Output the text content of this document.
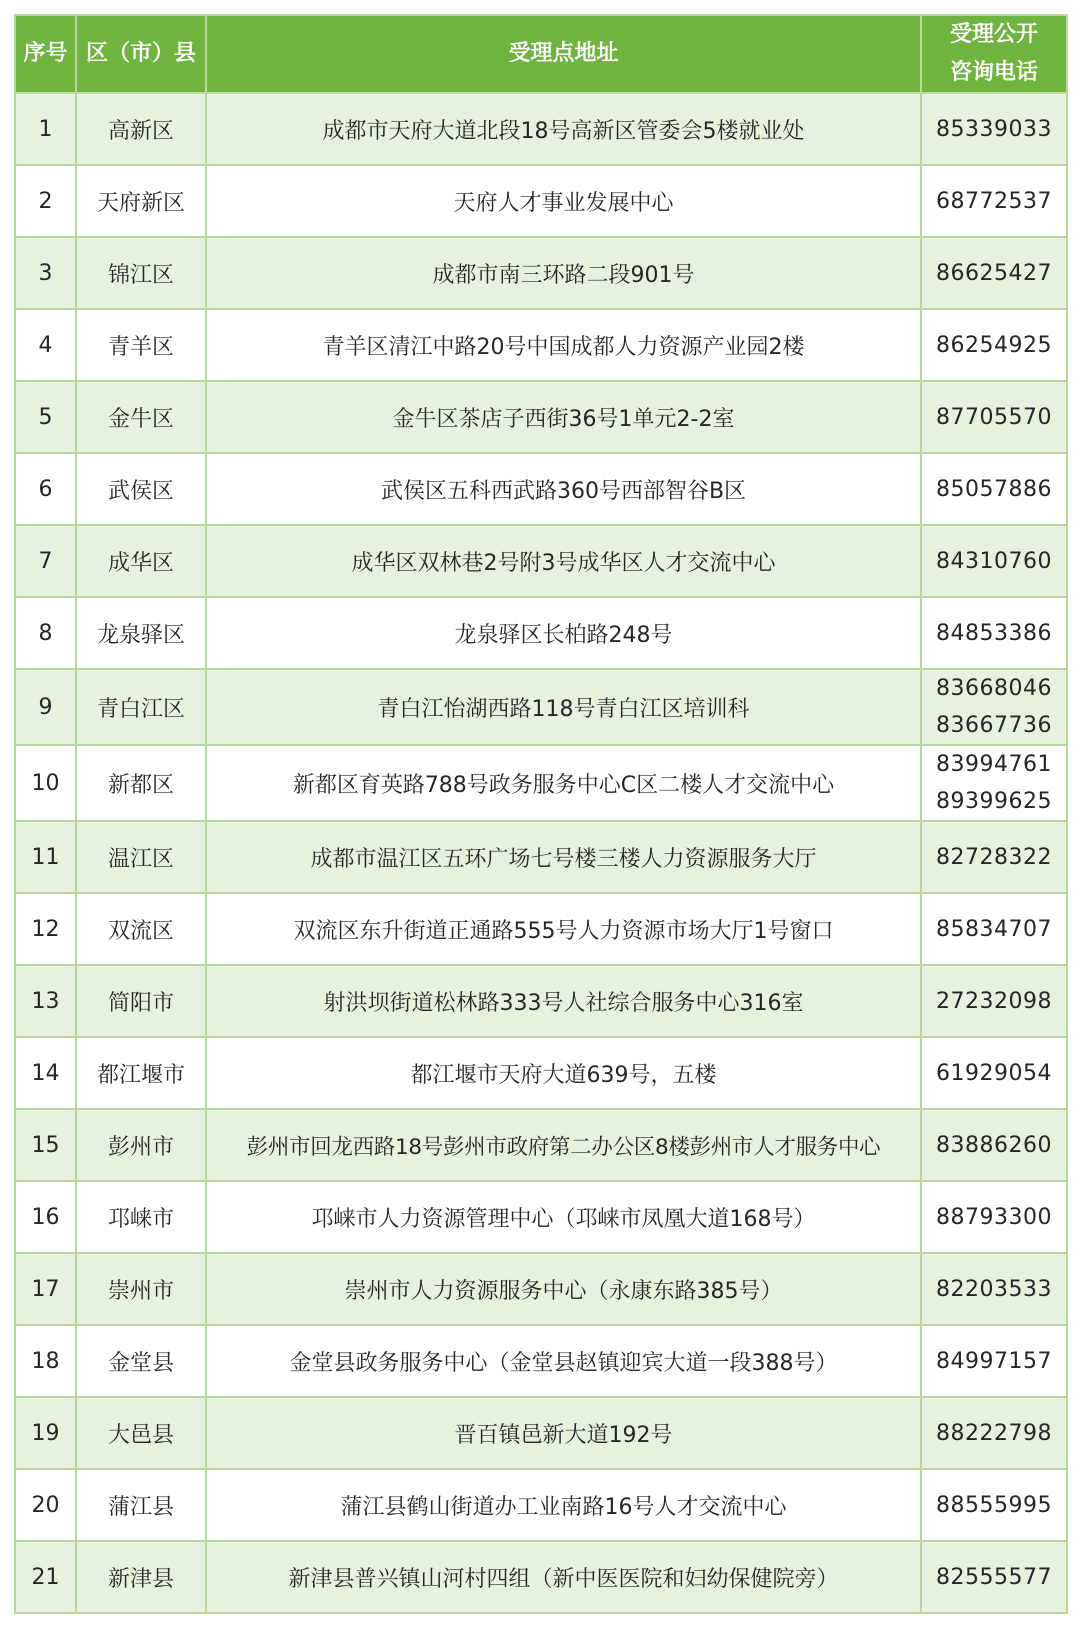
序号	区（市）县	受理点地址	受理公开
咨询电话

1	高新区	成都市天府大道北段18号高新区管委会5楼就业处	85339033

2	天府新区	天府人才事业发展中心	68772537

3	锦江区	成都市南三环路二段901号	86625427

4	青羊区	青羊区清江中路20号中国成都人力资源产业园2楼	86254925

5	金牛区	金牛区茶店子西街36号1单元2-2室	87705570

6	武侯区	武侯区五科西武路360号西部智谷B区	85057886

7	成华区	成华区双林巷2号附3号成华区人才交流中心	84310760

8	龙泉驿区	龙泉驿区长柏路248号	84853386

9	青白江区	青白江怡湖西路118号青白江区培训科	83668046
83667736

10	新都区	新都区育英路788号政务服务中心C区二楼人才交流中心	83994761
89399625

11	温江区	成都市温江区五环广场七号楼三楼人力资源服务大厅	82728322

12	双流区	双流区东升街道正通路555号人力资源市场大厅1号窗口	85834707

13	简阳市	射洪坝街道松林路333号人社综合服务中心316室	27232098

14	都江堰市	都江堰市天府大道639号，五楼	61929054

15	彭州市	彭州市回龙西路18号彭州市政府第二办公区8楼彭州市人才服务中心	83886260

16	邛崃市	邛崃市人力资源管理中心（邛崃市凤凰大道168号）	88793300

17	崇州市	崇州市人力资源服务中心（永康东路385号）	82203533

18	金堂县	金堂县政务服务中心（金堂县赵镇迎宾大道一段388号）	84997157

19	大邑县	晋百镇邑新大道192号	88222798

20	蒲江县	蒲江县鹤山街道办工业南路16号人才交流中心	88555995

21	新津县	新津县普兴镇山河村四组（新中医医院和妇幼保健院旁）	82555577
